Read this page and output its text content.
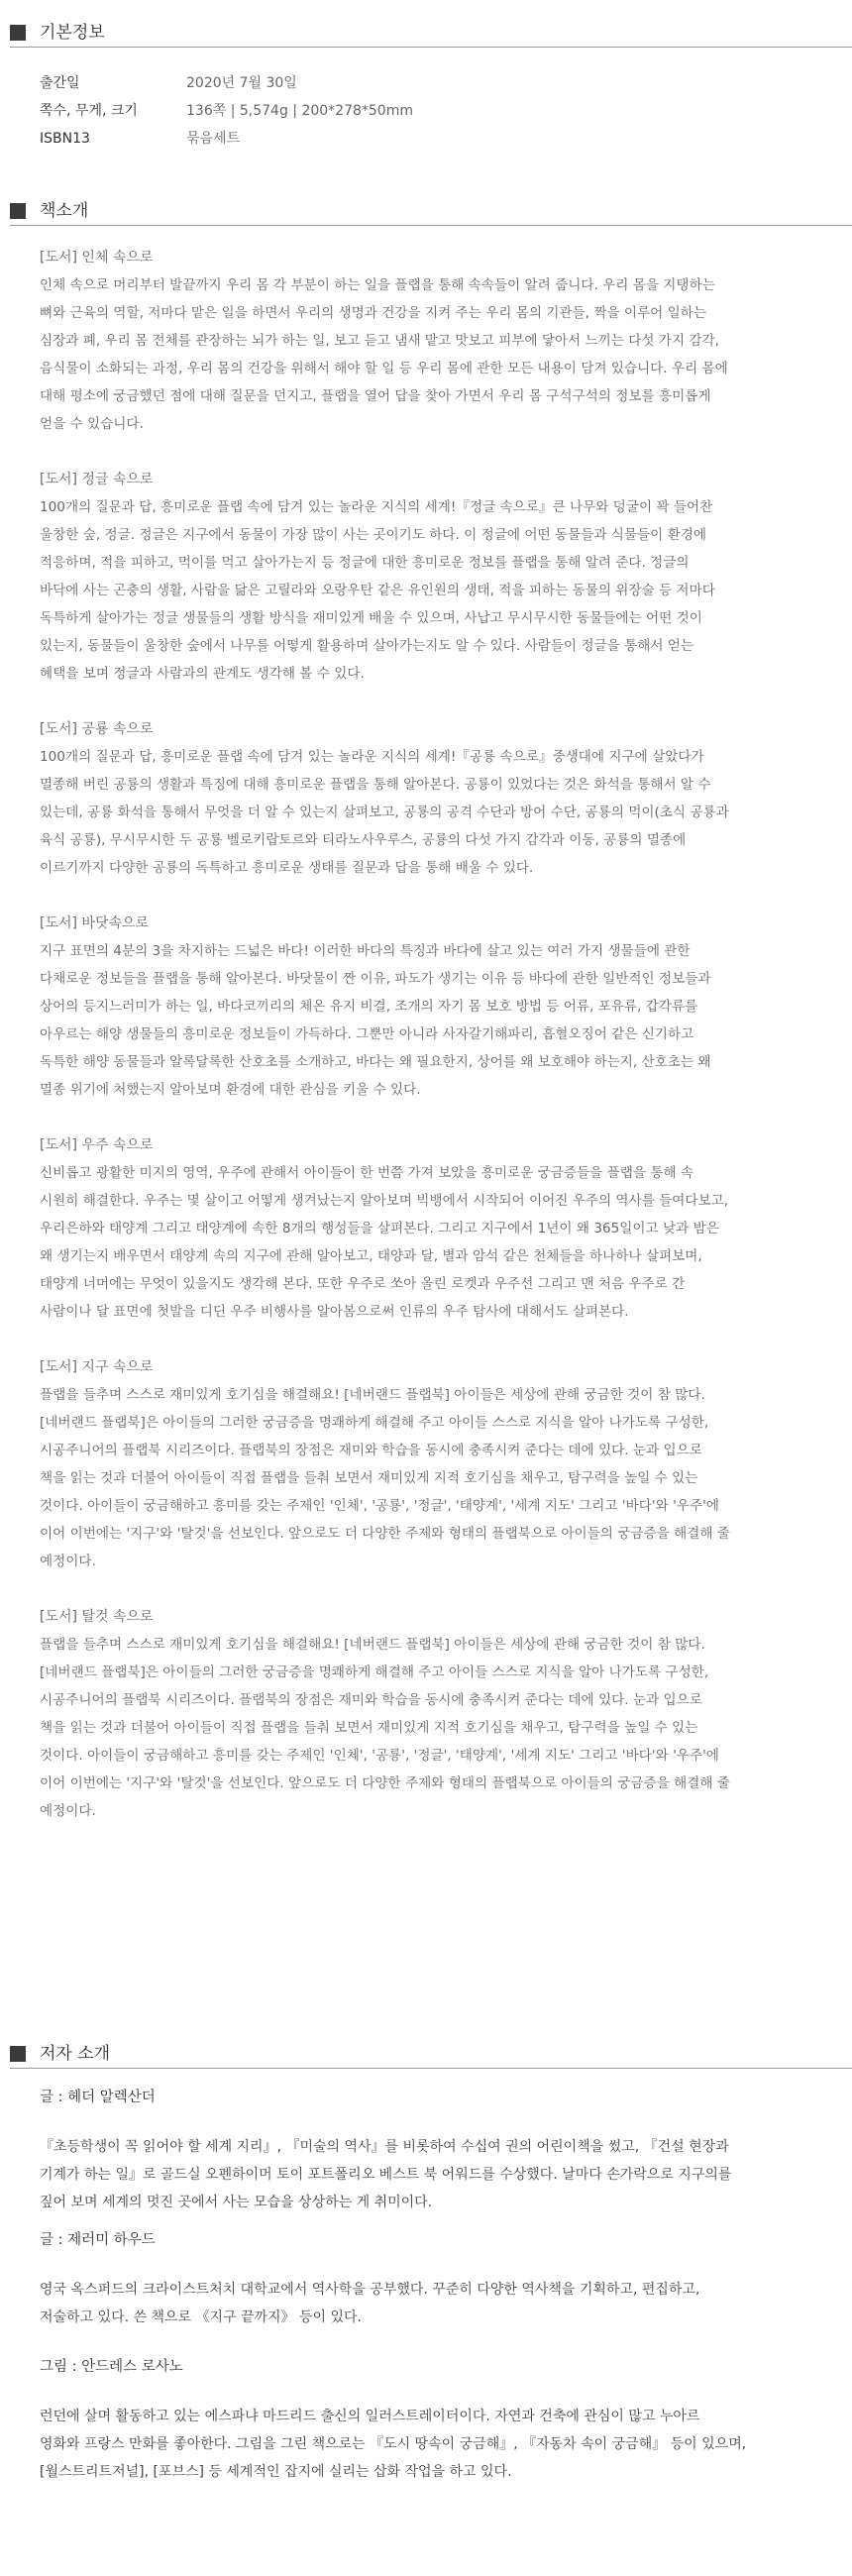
기본정보
출간일	2020년 7월 30일
쪽수, 무게, 크기	136쪽 | 5,574g | 200*278*50mm
ISBN13	묶음세트
책소개
[도서] 인체 속으로
인체 속으로 머리부터 발끝까지 우리 몸 각 부분이 하는 일을 플랩을 통해 속속들이 알려 줍니다. 우리 몸을 지탱하는
뼈와 근육의 역할, 저마다 맡은 일을 하면서 우리의 생명과 건강을 지켜 주는 우리 몸의 기관들, 짝을 이루어 일하는
심장과 폐, 우리 몸 전체를 관장하는 뇌가 하는 일, 보고 듣고 냄새 맡고 맛보고 피부에 닿아서 느끼는 다섯 가지 감각,
음식물이 소화되는 과정, 우리 몸의 건강을 위해서 해야 할 일 등 우리 몸에 관한 모든 내용이 담겨 있습니다. 우리 몸에
대해 평소에 궁금했던 점에 대해 질문을 던지고, 플랩을 열어 답을 찾아 가면서 우리 몸 구석구석의 정보를 흥미롭게
얻을 수 있습니다.
[도서] 정글 속으로
100개의 질문과 답, 흥미로운 플랩 속에 담겨 있는 놀라운 지식의 세계!『정글 속으로』큰 나무와 덩굴이 꽉 들어찬
울창한 숲, 정글. 정글은 지구에서 동물이 가장 많이 사는 곳이기도 하다. 이 정글에 어떤 동물들과 식물들이 환경에
적응하며, 적을 피하고, 먹이를 먹고 살아가는지 등 정글에 대한 흥미로운 정보를 플랩을 통해 알려 준다. 정글의
바닥에 사는 곤충의 생활, 사람을 닮은 고릴라와 오랑우탄 같은 유인원의 생태, 적을 피하는 동물의 위장술 등 저마다
독특하게 살아가는 정글 생물들의 생활 방식을 재미있게 배울 수 있으며, 사납고 무시무시한 동물들에는 어떤 것이
있는지, 동물들이 울창한 숲에서 나무를 어떻게 활용하며 살아가는지도 알 수 있다. 사람들이 정글을 통해서 얻는
혜택을 보며 정글과 사람과의 관계도 생각해 볼 수 있다.
[도서] 공룡 속으로
100개의 질문과 답, 흥미로운 플랩 속에 담겨 있는 놀라운 지식의 세계!『공룡 속으로』중생대에 지구에 살았다가
멸종해 버린 공룡의 생활과 특징에 대해 흥미로운 플랩을 통해 알아본다. 공룡이 있었다는 것은 화석을 통해서 알 수
있는데, 공룡 화석을 통해서 무엇을 더 알 수 있는지 살펴보고, 공룡의 공격 수단과 방어 수단, 공룡의 먹이(초식 공룡과
육식 공룡), 무시무시한 두 공룡 벨로키랍토르와 티라노사우루스, 공룡의 다섯 가지 감각과 이동, 공룡의 멸종에
이르기까지 다양한 공룡의 독특하고 흥미로운 생태를 질문과 답을 통해 배울 수 있다.
[도서] 바닷속으로
지구 표면의 4분의 3을 차지하는 드넓은 바다! 이러한 바다의 특징과 바다에 살고 있는 여러 가지 생물들에 관한
다채로운 정보들을 플랩을 통해 알아본다. 바닷물이 짠 이유, 파도가 생기는 이유 등 바다에 관한 일반적인 정보들과
상어의 등지느러미가 하는 일, 바다코끼리의 체온 유지 비결, 조개의 자기 몸 보호 방법 등 어류, 포유류, 갑각류를
아우르는 해양 생물들의 흥미로운 정보들이 가득하다. 그뿐만 아니라 사자갈기해파리, 흡혈오징어 같은 신기하고
독특한 해양 동물들과 알록달록한 산호초를 소개하고, 바다는 왜 필요한지, 상어를 왜 보호해야 하는지, 산호초는 왜
멸종 위기에 처했는지 알아보며 환경에 대한 관심을 키울 수 있다.
[도서] 우주 속으로
신비롭고 광활한 미지의 영역, 우주에 관해서 아이들이 한 번쯤 가져 보았을 흥미로운 궁금증들을 플랩을 통해 속
시원히 해결한다. 우주는 몇 살이고 어떻게 생겨났는지 알아보며 빅뱅에서 시작되어 이어진 우주의 역사를 들여다보고,
우리은하와 태양계 그리고 태양계에 속한 8개의 행성들을 살펴본다. 그리고 지구에서 1년이 왜 365일이고 낮과 밤은
왜 생기는지 배우면서 태양계 속의 지구에 관해 알아보고, 태양과 달, 별과 암석 같은 천체들을 하나하나 살펴보며,
태양계 너머에는 무엇이 있을지도 생각해 본다. 또한 우주로 쏘아 올린 로켓과 우주선 그리고 맨 처음 우주로 간
사람이나 달 표면에 첫발을 디딘 우주 비행사를 알아봄으로써 인류의 우주 탐사에 대해서도 살펴본다.
[도서] 지구 속으로
플랩을 들추며 스스로 재미있게 호기심을 해결해요! [네버랜드 플랩북] 아이들은 세상에 관해 궁금한 것이 참 많다.
[네버랜드 플랩북]은 아이들의 그러한 궁금증을 명쾌하게 해결해 주고 아이들 스스로 지식을 알아 나가도록 구성한,
시공주니어의 플랩북 시리즈이다. 플랩북의 장점은 재미와 학습을 동시에 충족시켜 준다는 데에 있다. 눈과 입으로
책을 읽는 것과 더불어 아이들이 직접 플랩을 들춰 보면서 재미있게 지적 호기심을 채우고, 탐구력을 높일 수 있는
것이다. 아이들이 궁금해하고 흥미를 갖는 주제인 '인체', '공룡', '정글', '태양계', '세계 지도' 그리고 '바다'와 '우주'에
이어 이번에는 '지구'와 '탈것'을 선보인다. 앞으로도 더 다양한 주제와 형태의 플랩북으로 아이들의 궁금증을 해결해 줄
예정이다.
[도서] 탈것 속으로
플랩을 들추며 스스로 재미있게 호기심을 해결해요! [네버랜드 플랩북] 아이들은 세상에 관해 궁금한 것이 참 많다.
[네버랜드 플랩북]은 아이들의 그러한 궁금증을 명쾌하게 해결해 주고 아이들 스스로 지식을 알아 나가도록 구성한,
시공주니어의 플랩북 시리즈이다. 플랩북의 장점은 재미와 학습을 동시에 충족시켜 준다는 데에 있다. 눈과 입으로
책을 읽는 것과 더불어 아이들이 직접 플랩을 들춰 보면서 재미있게 지적 호기심을 채우고, 탐구력을 높일 수 있는
것이다. 아이들이 궁금해하고 흥미를 갖는 주제인 '인체', '공룡', '정글', '태양계', '세계 지도' 그리고 '바다'와 '우주'에
이어 이번에는 '지구'와 '탈것'을 선보인다. 앞으로도 더 다양한 주제와 형태의 플랩북으로 아이들의 궁금증을 해결해 줄
예정이다.
저자 소개
글 : 헤더 알렉산더
『초등학생이 꼭 읽어야 할 세계 지리』, 『미술의 역사』를 비롯하여 수십여 권의 어린이책을 썼고, 『건설 현장과
기계가 하는 일』로 골드실 오펜하이머 토이 포트폴리오 베스트 북 어워드를 수상했다. 날마다 손가락으로 지구의를
짚어 보며 세계의 멋진 곳에서 사는 모습을 상상하는 게 취미이다.
글 : 제러미 하우드
영국 옥스퍼드의 크라이스트처치 대학교에서 역사학을 공부했다. 꾸준히 다양한 역사책을 기획하고, 편집하고,
저술하고 있다. 쓴 책으로 《지구 끝까지》 등이 있다.
그림 : 안드레스 로사노
런던에 살며 활동하고 있는 에스파냐 마드리드 출신의 일러스트레이터이다. 자연과 건축에 관심이 많고 누아르
영화와 프랑스 만화를 좋아한다. 그림을 그린 책으로는 『도시 땅속이 궁금해』, 『자동차 속이 궁금해』 등이 있으며,
[월스트리트저널], [포브스] 등 세계적인 잡지에 실리는 삽화 작업을 하고 있다.
